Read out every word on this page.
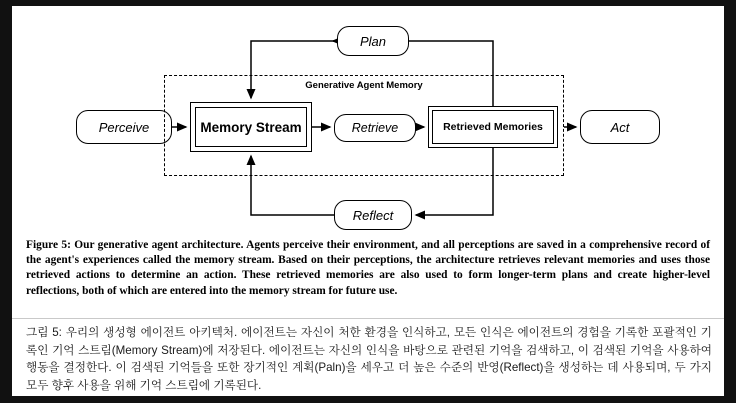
Perceive
Generative Agent Memory
Memory Stream	Retrieve	Retrieved Memories	Act
Plan
Reflect
Figure 5: Our generative agent architecture. Agents perceive their environment, and all perceptions are saved in a comprehensive record of the agent's experiences called the memory stream. Based on their perceptions, the architecture retrieves relevant memories and uses those retrieved actions to determine an action. These retrieved memories are also used to form longer-term plans and create higher-level reflections, both of which are entered into the memory stream for future use.
그림 5: 우리의 생성형 에이전트 아키텍처. 에이전트는 자신이 처한 환경을 인식하고, 모든 인식은 에이전트의 경험을 기록한 포괄적인 기록인 기억 스트림(Memory Stream)에 저장된다. 에이전트는 자신의 인식을 바탕으로 관련된 기억을 검색하고, 이 검색된 기억을 사용하여 행동을 결정한다. 이 검색된 기억들을 또한 장기적인 계획(Paln)을 세우고 더 높은 수준의 반영(Reflect)을 생성하는 데 사용되며, 두 가지 모두 향후 사용을 위해 기억 스트림에 기록된다.
